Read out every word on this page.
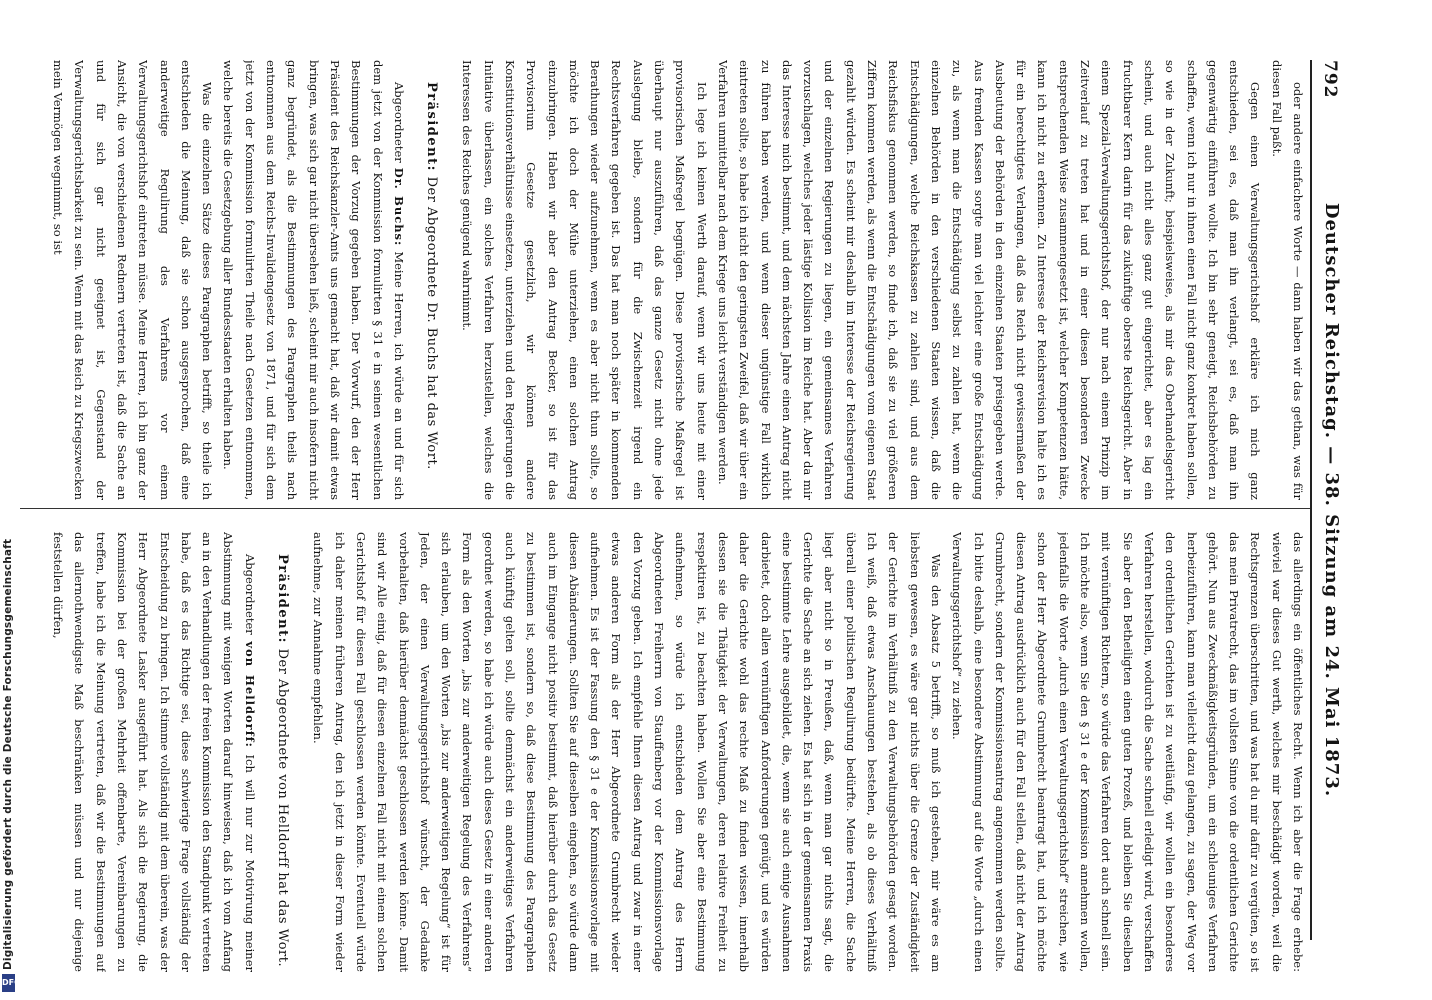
792
Deutscher Reichstag. — 38. Sitzung am 24. Mai 1873.

oder andere einfachere Worte — dann haben wir das gethan, was für diesen Fall paßt.

Gegen einen Verwaltungsgerichtshof erkläre ich mich ganz entschieden, sei es, daß man ihn verlangt, sei es, daß man ihn gegenwärtig einführen wollte. Ich bin sehr geneigt, Reichsbehörden zu schaffen, wenn ich nur in ihnen einen Fall nicht ganz konkret haben sollen, so wie in der Zukunft; beispielsweise, als mir das Oberhandelsgericht scheint, und auch nicht alles ganz gut eingerichtet, aber es lag ein fruchtbarer Kern darin für das zukünftige oberste Reichsgericht. Aber in einem Spezial-Verwaltungsgerichtshof, der nur nach einem Prinzip im Zeitverlauf zu treten hat und in einer diesen besonderen Zwecke entsprechenden Weise zusammengesetzt ist, welcher Kompetenzen hätte, kann ich nicht zu erkennen. Zu Interesse der Reichsrevision halte ich es für ein berechtigtes Verlangen, daß das Reich nicht gewissermaßen der Ausbeutung der Behörden in den einzelnen Staaten preisgegeben werde. Aus fremden Kassen sorgte man viel leichter eine große Entschädigung zu, als wenn man die Entschädigung selbst zu zahlen hat, wenn die einzelnen Behörden in den verschiedenen Staaten wissen, daß die Entschädigungen, welche Reichskassen zu zahlen sind, und aus dem Reichsfiskus genommen werden, so finde ich, daß sie zu viel größeren Ziffern kommen werden, als wenn die Entschädigungen vom eigenen Staat gezahlt würden. Es scheint mir deshalb im Interesse der Reichsregierung und der einzelnen Regierungen zu liegen, ein gemeinsames Verfahren vorzuschlagen, welches jeder lästige Kollision im Reiche hat. Aber da mir das Interesse mich bestimmt, und dem nächsten Jahre einen Antrag nicht zu führen haben werden, und wenn dieser ungünstige Fall wirklich eintreten sollte, so habe ich nicht den geringsten Zweifel, daß wir über ein Verfahren unmittelbar nach dem Kriege uns leicht verständigen werden.

Ich lege ich keinen Werth darauf, wenn wir uns heute mit einer provisorischen Maßregel begnügen. Diese provisorische Maßregel ist überhaupt nur auszuführen, daß das ganze Gesetz nicht ohne jede Auslegung bleibe, sondern für die Zwischenzeit irgend ein Rechtsverfahren gegeben ist. Das hat man noch später in kommenden Berathungen wieder aufzunehmen, wenn es aber nicht thun sollte, so möchte ich doch der Mühe unterziehen, einen solchen Antrag einzubringen. Haben wir aber den Antrag Becker, so ist für das Provisorium Gesetze gesetzlich, wir können andere Konstitutionsverhältnisse einsetzen, unterziehen und den Regierungen die Initiative überlassen, ein solches Verfahren herzustellen, welches die Interessen des Reiches genügend wahrnimmt.

Präsident: Der Abgeordnete Dr. Buchs hat das Wort.

Abgeordneter Dr. Buchs: Meine Herren, ich würde an und für sich dem jetzt von der Kommission formulirten § 31 e in seinen wesentlichen Bestimmungen der Vorzug gegeben haben. Der Vorwurf, den der Herr Präsident des Reichskanzler-Amts uns gemacht hat, daß wir damit etwas bringen, was sich gar nicht übersehen ließ, scheint mir auch insofern nicht ganz begründet, als die Bestimmungen des Paragraphen theils nach entnommen aus dem Reichs-Invalidengesetz von 1871, und für sich dem jetzt von der Kommission formulirten Theile nach Gesetzen entnommen, welche bereits die Gesetzgebung aller Bundesstaaten erhalten haben.

Was die einzelnen Sätze dieses Paragraphen betrifft, so theile ich entschieden die Meinung, daß sie schon ausgesprochen, daß eine anderweitige Regulirung des Verfahrens vor einem Verwaltungsgerichtshof eintreten müsse. Meine Herren, ich bin ganz der Ansicht, die von verschiedenen Rednern vertreten ist, daß die Sache an und für sich gar nicht geeignet ist, Gegenstand der Verwaltungsgerichtsbarkeit zu sein. Wenn mit das Reich zu Kriegszwecken mein Vermögen wegnimmt, so ist

das allerdings ein öffentliches Recht. Wenn ich aber die Frage erhebe: wieviel war dieses Gut werth, welches mir beschädigt worden, weil die Rechtsgrenzen überschritten, und was hat du mir dafür zu vergüten, so ist das mein Privatrecht, das im vollsten Sinne von die ordentlichen Gerichte gehört. Nun aus Zweckmäßigkeitsgründen, um ein schleuniges Verfahren herbeizuführen, kann man vielleicht dazu gelangen, zu sagen, der Weg vor den ordentlichen Gerichten ist zu weitläufig, wir wollen ein besonderes Verfahren herstellen, wodurch die Sache schnell erledigt wird, verschaffen Sie aber den Betheiligten einen guten Prozeß, und bleiben Sie dieselben mit vernünftigen Richtern, so würde das Verfahren dort auch schnell sein. Ich möchte also, wenn Sie den § 31 e der Kommission annehmen wollen, jedenfalls die Worte „durch einen Verwaltungsgerichtshof“ streichen, wie schon der Herr Abgeordnete Grumbrecht beantragt hat, und ich möchte diesen Antrag ausdrücklich auch für den Fall stellen, daß nicht der Antrag Grumbrecht, sondern der Kommissionsantrag angenommen werden sollte. Ich bitte deshalb, eine besondere Abstimmung auf die Worte „durch einen Verwaltungsgerichtshof“ zu ziehen.

Was den Absatz 5 betrifft, so muß ich gestehen, mir wäre es am liebsten gewesen, es wäre gar nichts über die Grenze der Zuständigkeit der Gerichte im Verhältniß zu den Verwaltungsbehörden gesagt worden. Ich weiß, daß etwas Anschauungen bestehen, als ob dieses Verhältniß überall einer politischen Regulirung bedürfte. Meine Herren, die Sache liegt aber nicht so in Preußen, daß, wenn man gar nichts sagt, die Gerichte die Sache an sich ziehen. Es hat sich in der gemeinsamen Praxis eine bestimmte Lehre ausgebildet, die, wenn sie auch einige Ausnahmen darbietet, doch allen vernünftigen Anforderungen genügt, und es würden daher die Gerichte wohl das rechte Maß zu finden wissen, innerhalb dessen sie die Thätigkeit der Verwaltungen, deren relative Freiheit zu respektiren ist, zu beachten haben. Wollen Sie aber eine Bestimmung aufnehmen, so würde ich entschieden dem Antrag des Herrn Abgeordneten Freiherrn von Stauffenberg vor der Kommissionsvorlage den Vorzug geben. Ich empfehle Ihnen diesen Antrag und zwar in einer etwas anderen Form als der Herr Abgeordnete Grumbrecht wieder aufnehmen. Es ist der Fassung den § 31 e der Kommissionsvorlage mit diesen Abänderungen. Sollten Sie auf dieselben eingehen, so würde dann auch im Eingange nicht positiv bestimmt, daß hierüber durch das Gesetz zu bestimmen ist, sondern so, daß diese Bestimmung des Paragraphen auch künftig gelten soll, sollte demnächst ein anderweitiges Verfahren geordnet werden, so habe ich würde auch dieses Gesetz in einer anderen Form als den Worten „bis zur anderweitigen Regelung des Verfahrens“ sich erlauben, um den Worten „bis zur anderweitigen Regelung“ ist für Jeden, der einen Verwaltungsgerichtshof wünscht, der Gedanke vorbehalten, daß hierüber demnächst geschlossen werden könne. Damit sind wir Alle einig, daß für diesen einzelnen Fall nicht mit einem solchen Gerichtshof für diesen Fall geschlossen werden könnte. Eventuell würde ich daher meinen früheren Antrag, den ich jetzt in dieser Form wieder aufnehme, zur Annahme empfehlen.

Präsident: Der Abgeordnete von Helldorff hat das Wort.

Abgeordneter von Helldorff: Ich will nur zur Motivirung meiner Abstimmung mit wenigen Worten darauf hinweisen, daß ich vom Anfang an in den Verhandlungen der freien Kommission den Standpunkt vertreten habe, daß es das Richtige sei, diese schwierige Frage vollständig der Entscheidung zu bringen. Ich stimme vollständig mit dem überein, was der Herr Abgeordnete Lasker ausgeführt hat. Als sich die Regierung, die Kommission bei der großen Mehrheit offenbarte, Vereinbarungen zu treffen, habe ich die Meinung vertreten, daß wir die Bestimmungen auf das allernothwendigste Maß beschränken müssen und nur diejenige feststellen dürfen,

DFG
Digitalisierung gefördert durch die Deutsche Forschungsgemeinschaft
